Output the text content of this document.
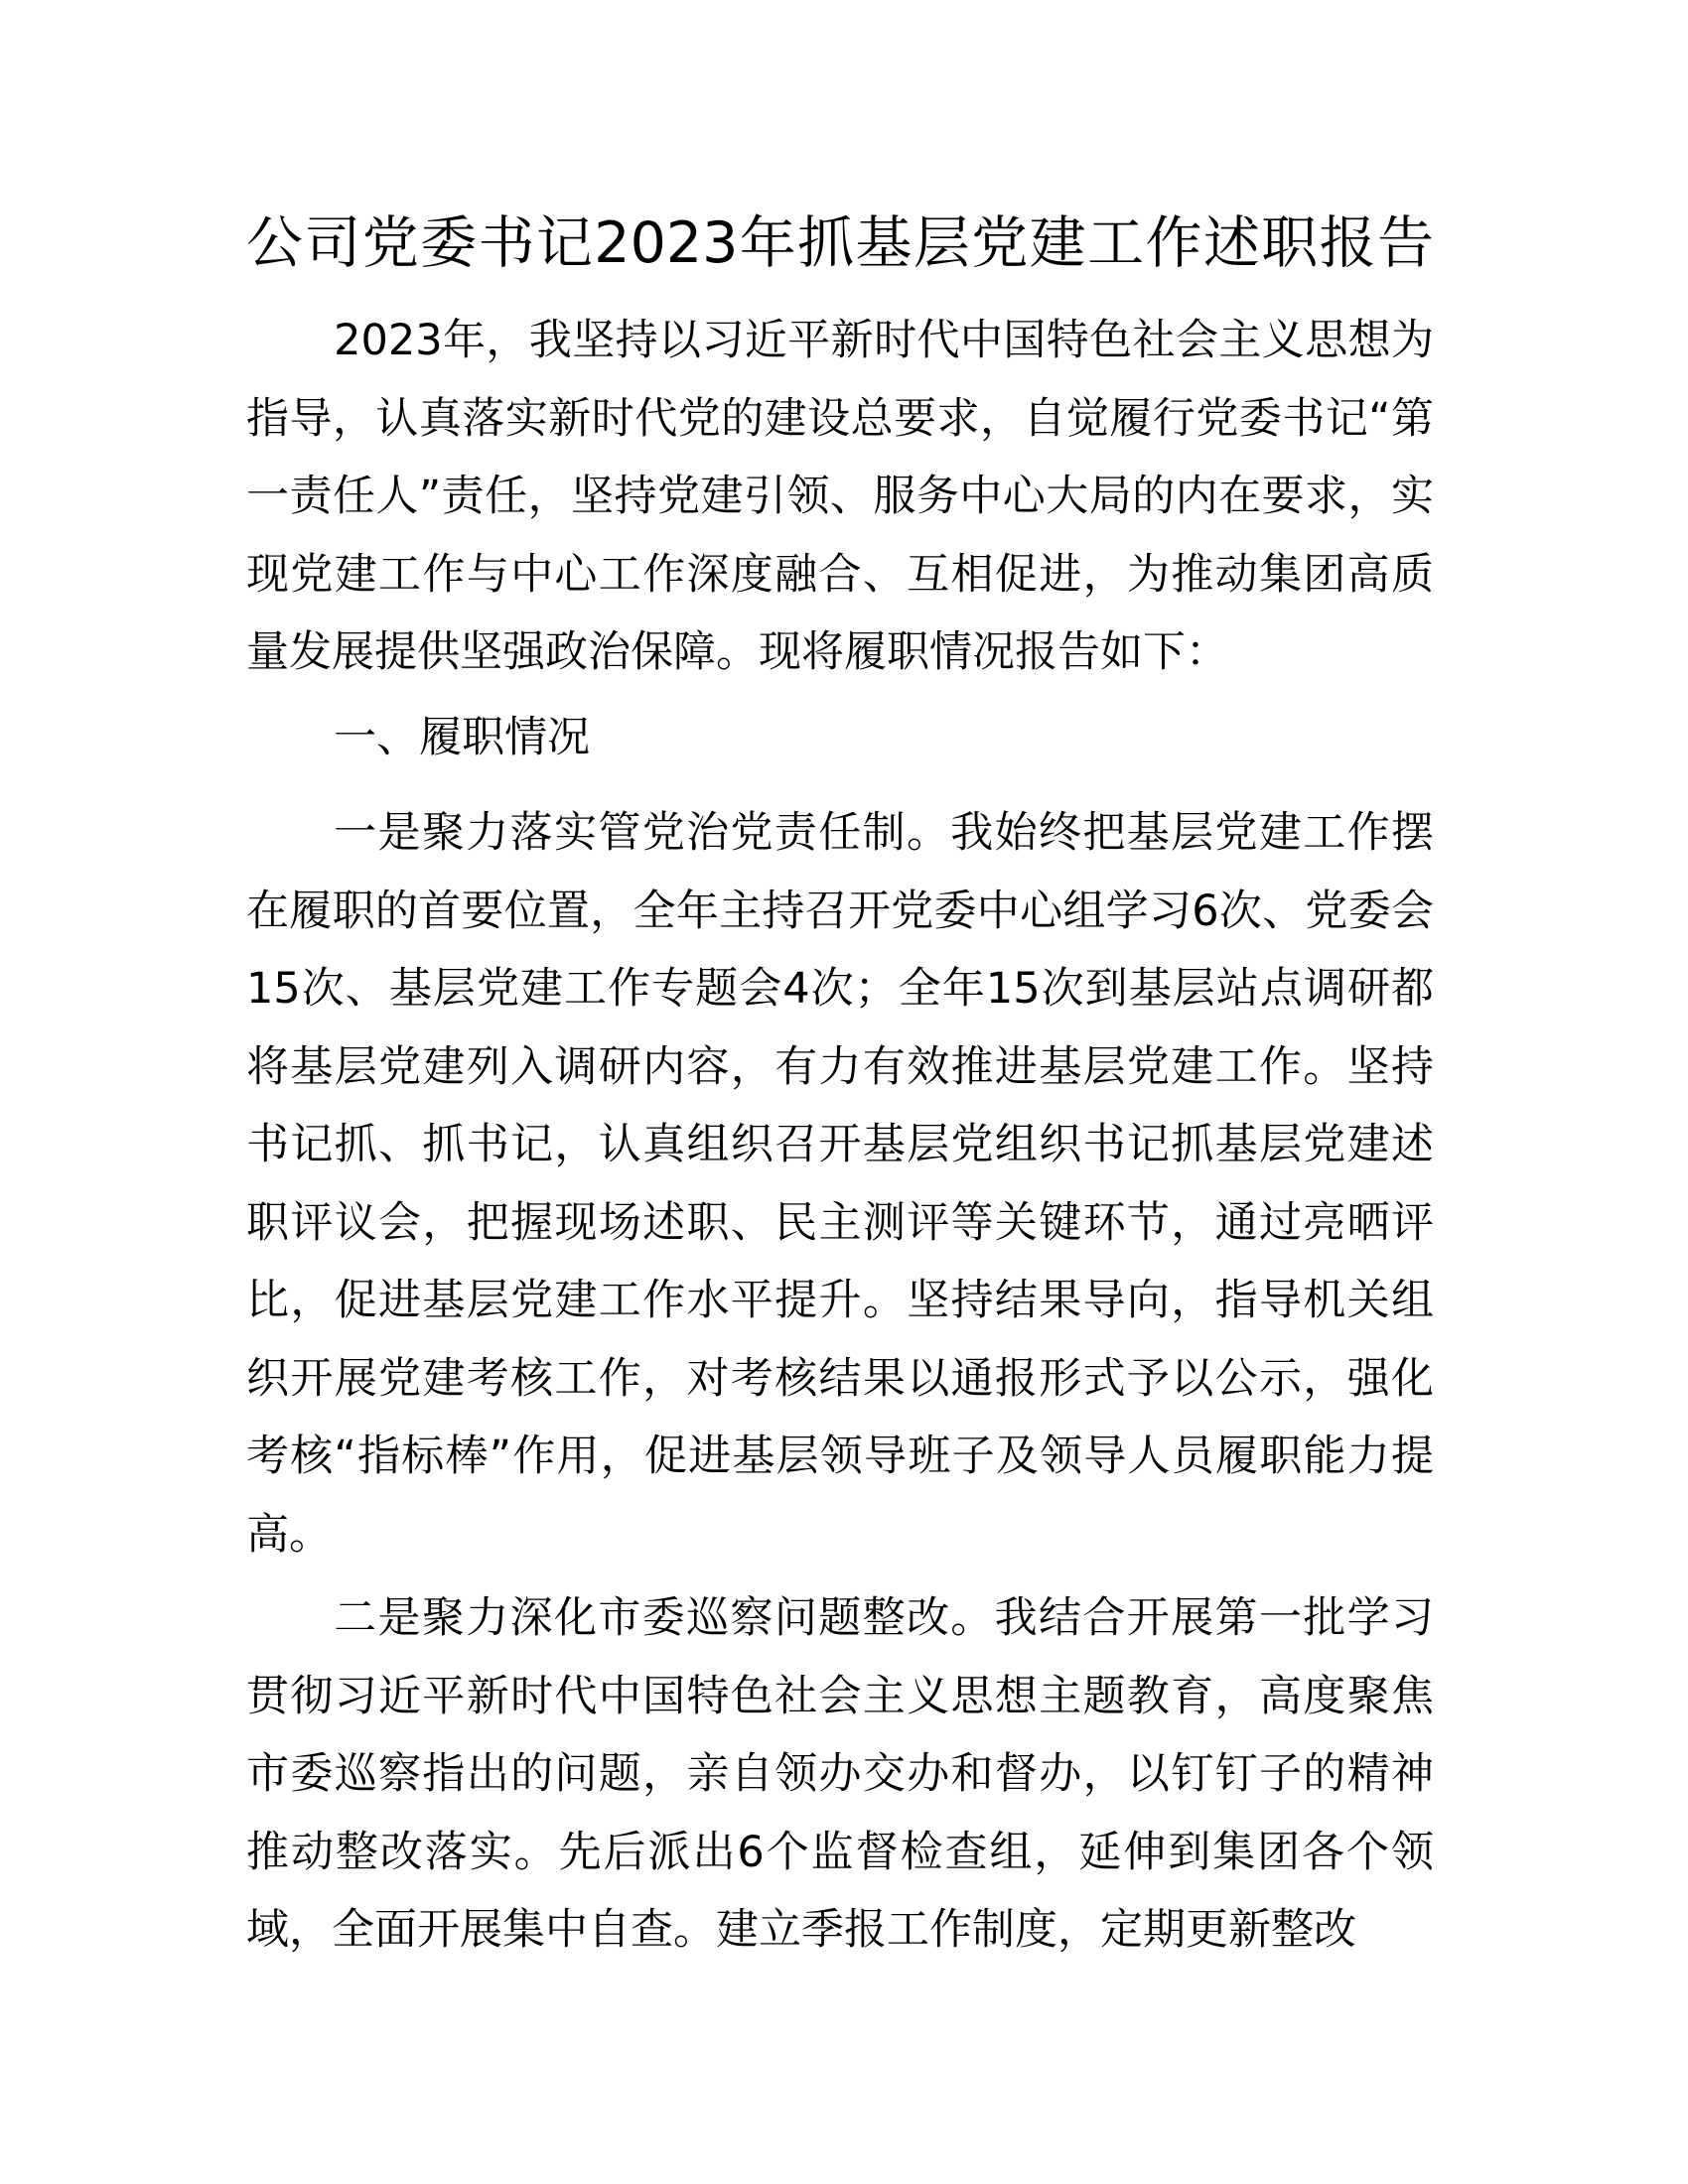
公司党委书记2023年抓基层党建工作述职报告

2023年，我坚持以习近平新时代中国特色社会主义思想为指导，认真落实新时代党的建设总要求，自觉履行党委书记“第一责任人”责任，坚持党建引领、服务中心大局的内在要求，实现党建工作与中心工作深度融合、互相促进，为推动集团高质量发展提供坚强政治保障。现将履职情况报告如下：

一、履职情况

一是聚力落实管党治党责任制。我始终把基层党建工作摆在履职的首要位置，全年主持召开党委中心组学习6次、党委会15次、基层党建工作专题会4次；全年15次到基层站点调研都将基层党建列入调研内容，有力有效推进基层党建工作。坚持书记抓、抓书记，认真组织召开基层党组织书记抓基层党建述职评议会，把握现场述职、民主测评等关键环节，通过亮晒评比，促进基层党建工作水平提升。坚持结果导向，指导机关组织开展党建考核工作，对考核结果以通报形式予以公示，强化考核“指标棒”作用，促进基层领导班子及领导人员履职能力提高。

二是聚力深化市委巡察问题整改。我结合开展第一批学习贯彻习近平新时代中国特色社会主义思想主题教育，高度聚焦市委巡察指出的问题，亲自领办交办和督办，以钉钉子的精神推动整改落实。先后派出6个监督检查组，延伸到集团各个领域，全面开展集中自查。建立季报工作制度，定期更新整改
